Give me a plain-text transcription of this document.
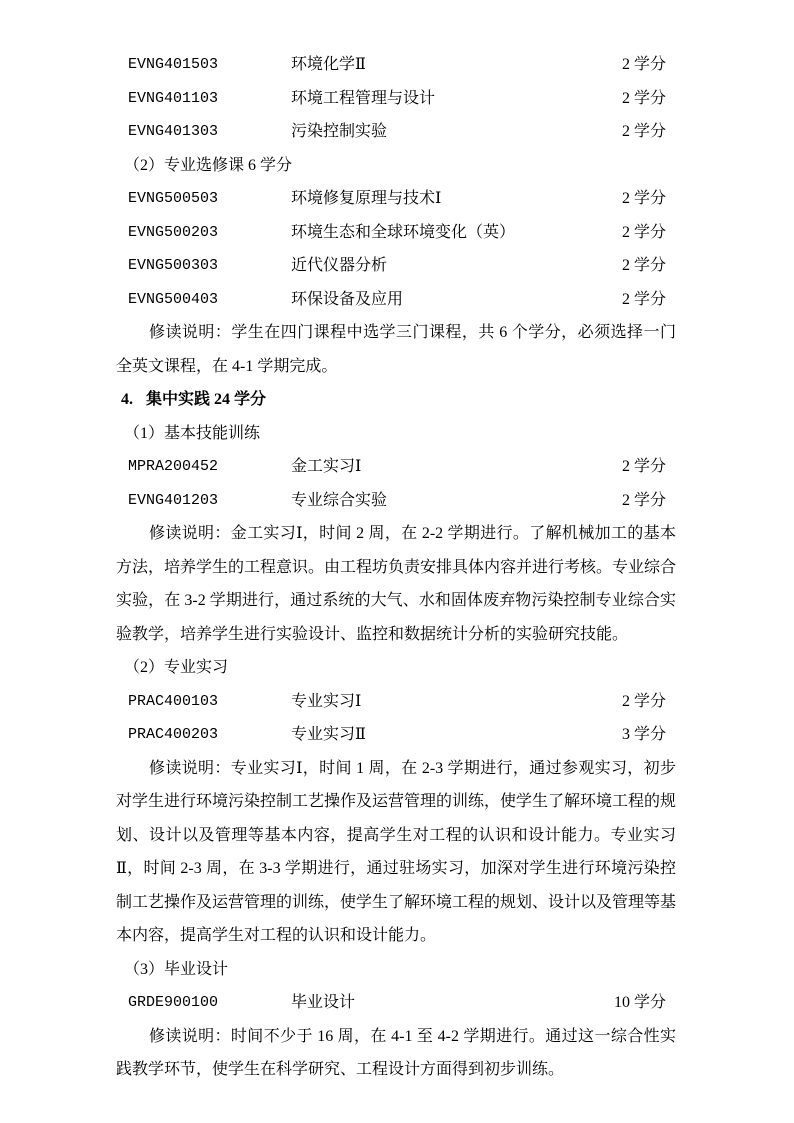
EVNG401503	环境化学Ⅱ	2 学分
EVNG401103	环境工程管理与设计	2 学分
EVNG401303	污染控制实验	2 学分
（2）专业选修课 6 学分
EVNG500503	环境修复原理与技术Ⅰ	2 学分
EVNG500203	环境生态和全球环境变化（英）	2 学分
EVNG500303	近代仪器分析	2 学分
EVNG500403	环保设备及应用	2 学分

修读说明：学生在四门课程中选学三门课程，共 6 个学分，必须选择一门全英文课程，在 4-1 学期完成。

4. 集中实践 24 学分
（1）基本技能训练
MPRA200452	金工实习Ⅰ	2 学分
EVNG401203	专业综合实验	2 学分

修读说明：金工实习Ⅰ，时间 2 周，在 2-2 学期进行。了解机械加工的基本方法，培养学生的工程意识。由工程坊负责安排具体内容并进行考核。专业综合实验，在 3-2 学期进行，通过系统的大气、水和固体废弃物污染控制专业综合实验教学，培养学生进行实验设计、监控和数据统计分析的实验研究技能。

（2）专业实习
PRAC400103	专业实习Ⅰ	2 学分
PRAC400203	专业实习Ⅱ	3 学分

修读说明：专业实习Ⅰ，时间 1 周，在 2-3 学期进行，通过参观实习，初步对学生进行环境污染控制工艺操作及运营管理的训练，使学生了解环境工程的规划、设计以及管理等基本内容，提高学生对工程的认识和设计能力。专业实习Ⅱ，时间 2-3 周，在 3-3 学期进行，通过驻场实习，加深对学生进行环境污染控制工艺操作及运营管理的训练，使学生了解环境工程的规划、设计以及管理等基本内容，提高学生对工程的认识和设计能力。

（3）毕业设计
GRDE900100	毕业设计	10 学分

修读说明：时间不少于 16 周，在 4-1 至 4-2 学期进行。通过这一综合性实践教学环节，使学生在科学研究、工程设计方面得到初步训练。
